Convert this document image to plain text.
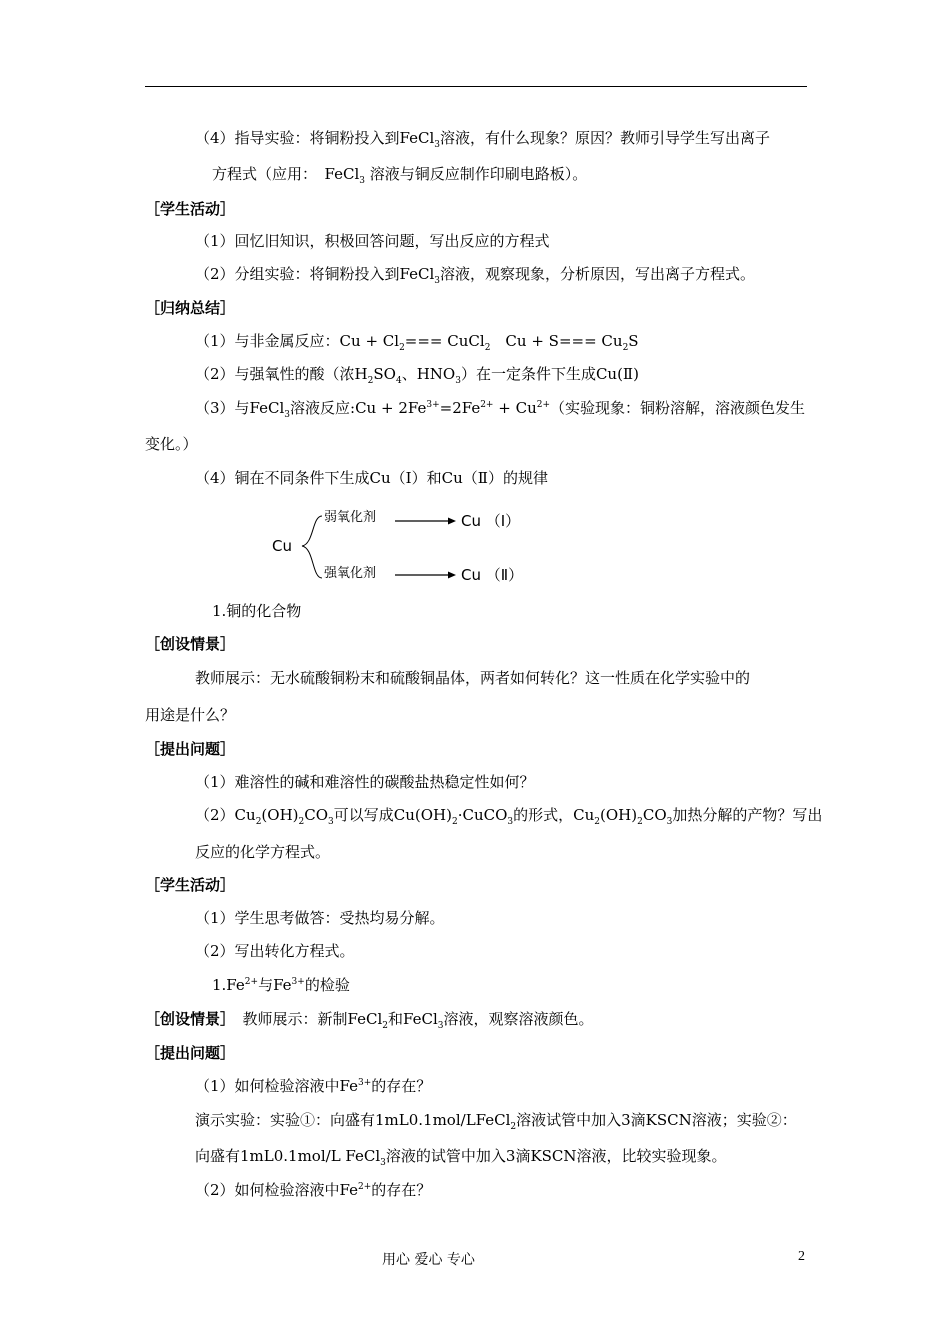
（4）指导实验：将铜粉投入到FeCl$_3$溶液，有什么现象？原因？教师引导学生写出离子
方程式（应用：　FeCl$_3$ 溶液与铜反应制作印刷电路板）。
［学生活动］
（1）回忆旧知识，积极回答问题，写出反应的方程式
（2）分组实验：将铜粉投入到FeCl$_3$溶液，观察现象，分析原因，写出离子方程式。
［归纳总结］
（1）与非金属反应：$Cu + Cl_2===$ CuCl$_2$　$Cu + S=== Cu_2S$
（2）与强氧性的酸（浓$H_2SO_4$、$HNO_3$）在一定条件下生成Cu(Ⅱ)
（3）与FeCl$_3$溶液反应:Cu + $2Fe^{3+}=2Fe^{2+} + Cu^{2+}$（实验现象：铜粉溶解，溶液颜色发生
变化。）
（4）铜在不同条件下生成Cu（Ⅰ）和Cu（Ⅱ）的规律
Cu
弱氧化剂	Cu （Ⅰ）
强氧化剂	Cu （Ⅱ）
1.铜的化合物
［创设情景］
教师展示：无水硫酸铜粉末和硫酸铜晶体，两者如何转化？这一性质在化学实验中的
用途是什么？
［提出问题］
（1）难溶性的碱和难溶性的碳酸盐热稳定性如何？
$(2)Cu_2(OH)_2CO_3$可以写成$Cu(OH)_2\cdot CuCO_3$的形式，$Cu_2(OH)_2CO_3$加热分解的产物？写出
反应的化学方程式。
［学生活动］
（1）学生思考做答：受热均易分解。
（2）写出转化方程式。
$1.Fe^{2+}$与$Fe^{3+}$的检验
［创设情景］　教师展示：新制FeCl$_2$和FeCl$_3$溶液，观察溶液颜色。
［提出问题］
（1）如何检验溶液中$Fe^{3+}$的存在？
演示实验：实验①：向盛有1mL0.1mol/LFeCl$_2$溶液试管中加入3滴KSCN溶液；实验②：
向盛有1mL0.1mol/L FeCl$_3$溶液的试管中加入3滴KSCN溶液，比较实验现象。
（2）如何检验溶液中$Fe^{2+}$的存在？
用心 爱心 专心	2
